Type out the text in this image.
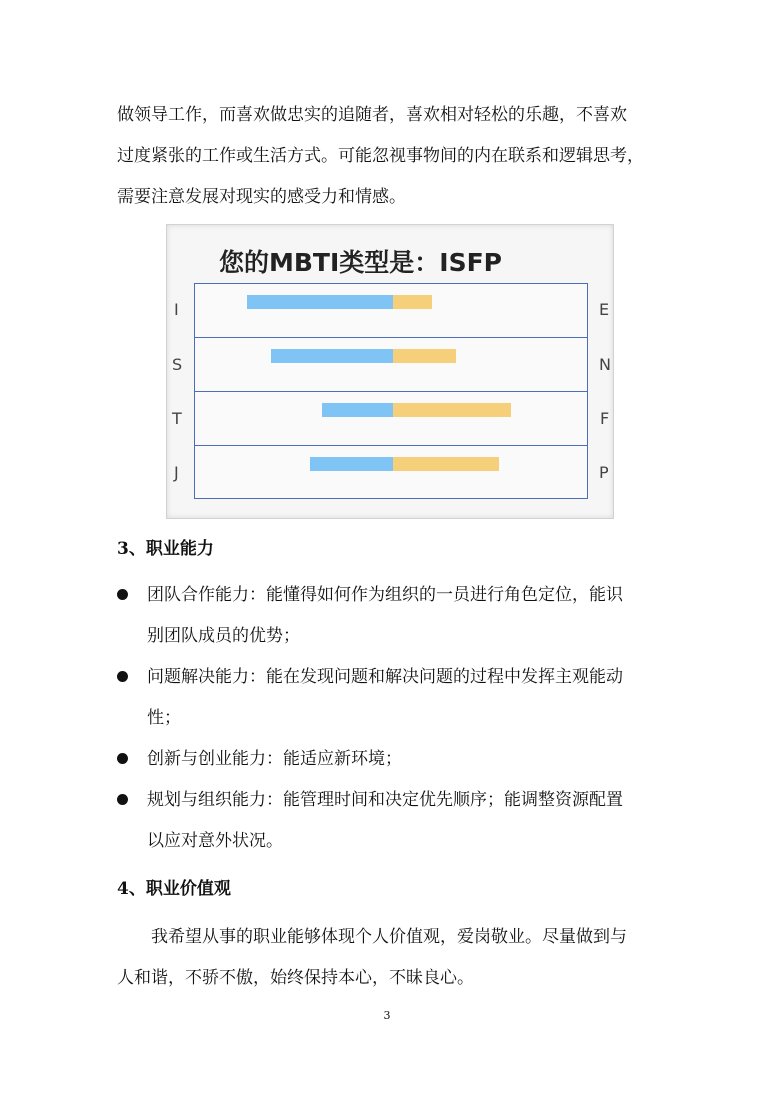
做领导工作，而喜欢做忠实的追随者，喜欢相对轻松的乐趣，不喜欢
过度紧张的工作或生活方式。可能忽视事物间的内在联系和逻辑思考，
需要注意发展对现实的感受力和情感。
您的MBTI类型是：ISFP
I
S
T
J
E
N
F
P
3、职业能力
团队合作能力：能懂得如何作为组织的一员进行角色定位，能识
别团队成员的优势；
问题解决能力：能在发现问题和解决问题的过程中发挥主观能动
性；
创新与创业能力：能适应新环境；
规划与组织能力：能管理时间和决定优先顺序；能调整资源配置
以应对意外状况。
4、职业价值观
我希望从事的职业能够体现个人价值观，爱岗敬业。尽量做到与
人和谐，不骄不傲，始终保持本心，不昧良心。
3
